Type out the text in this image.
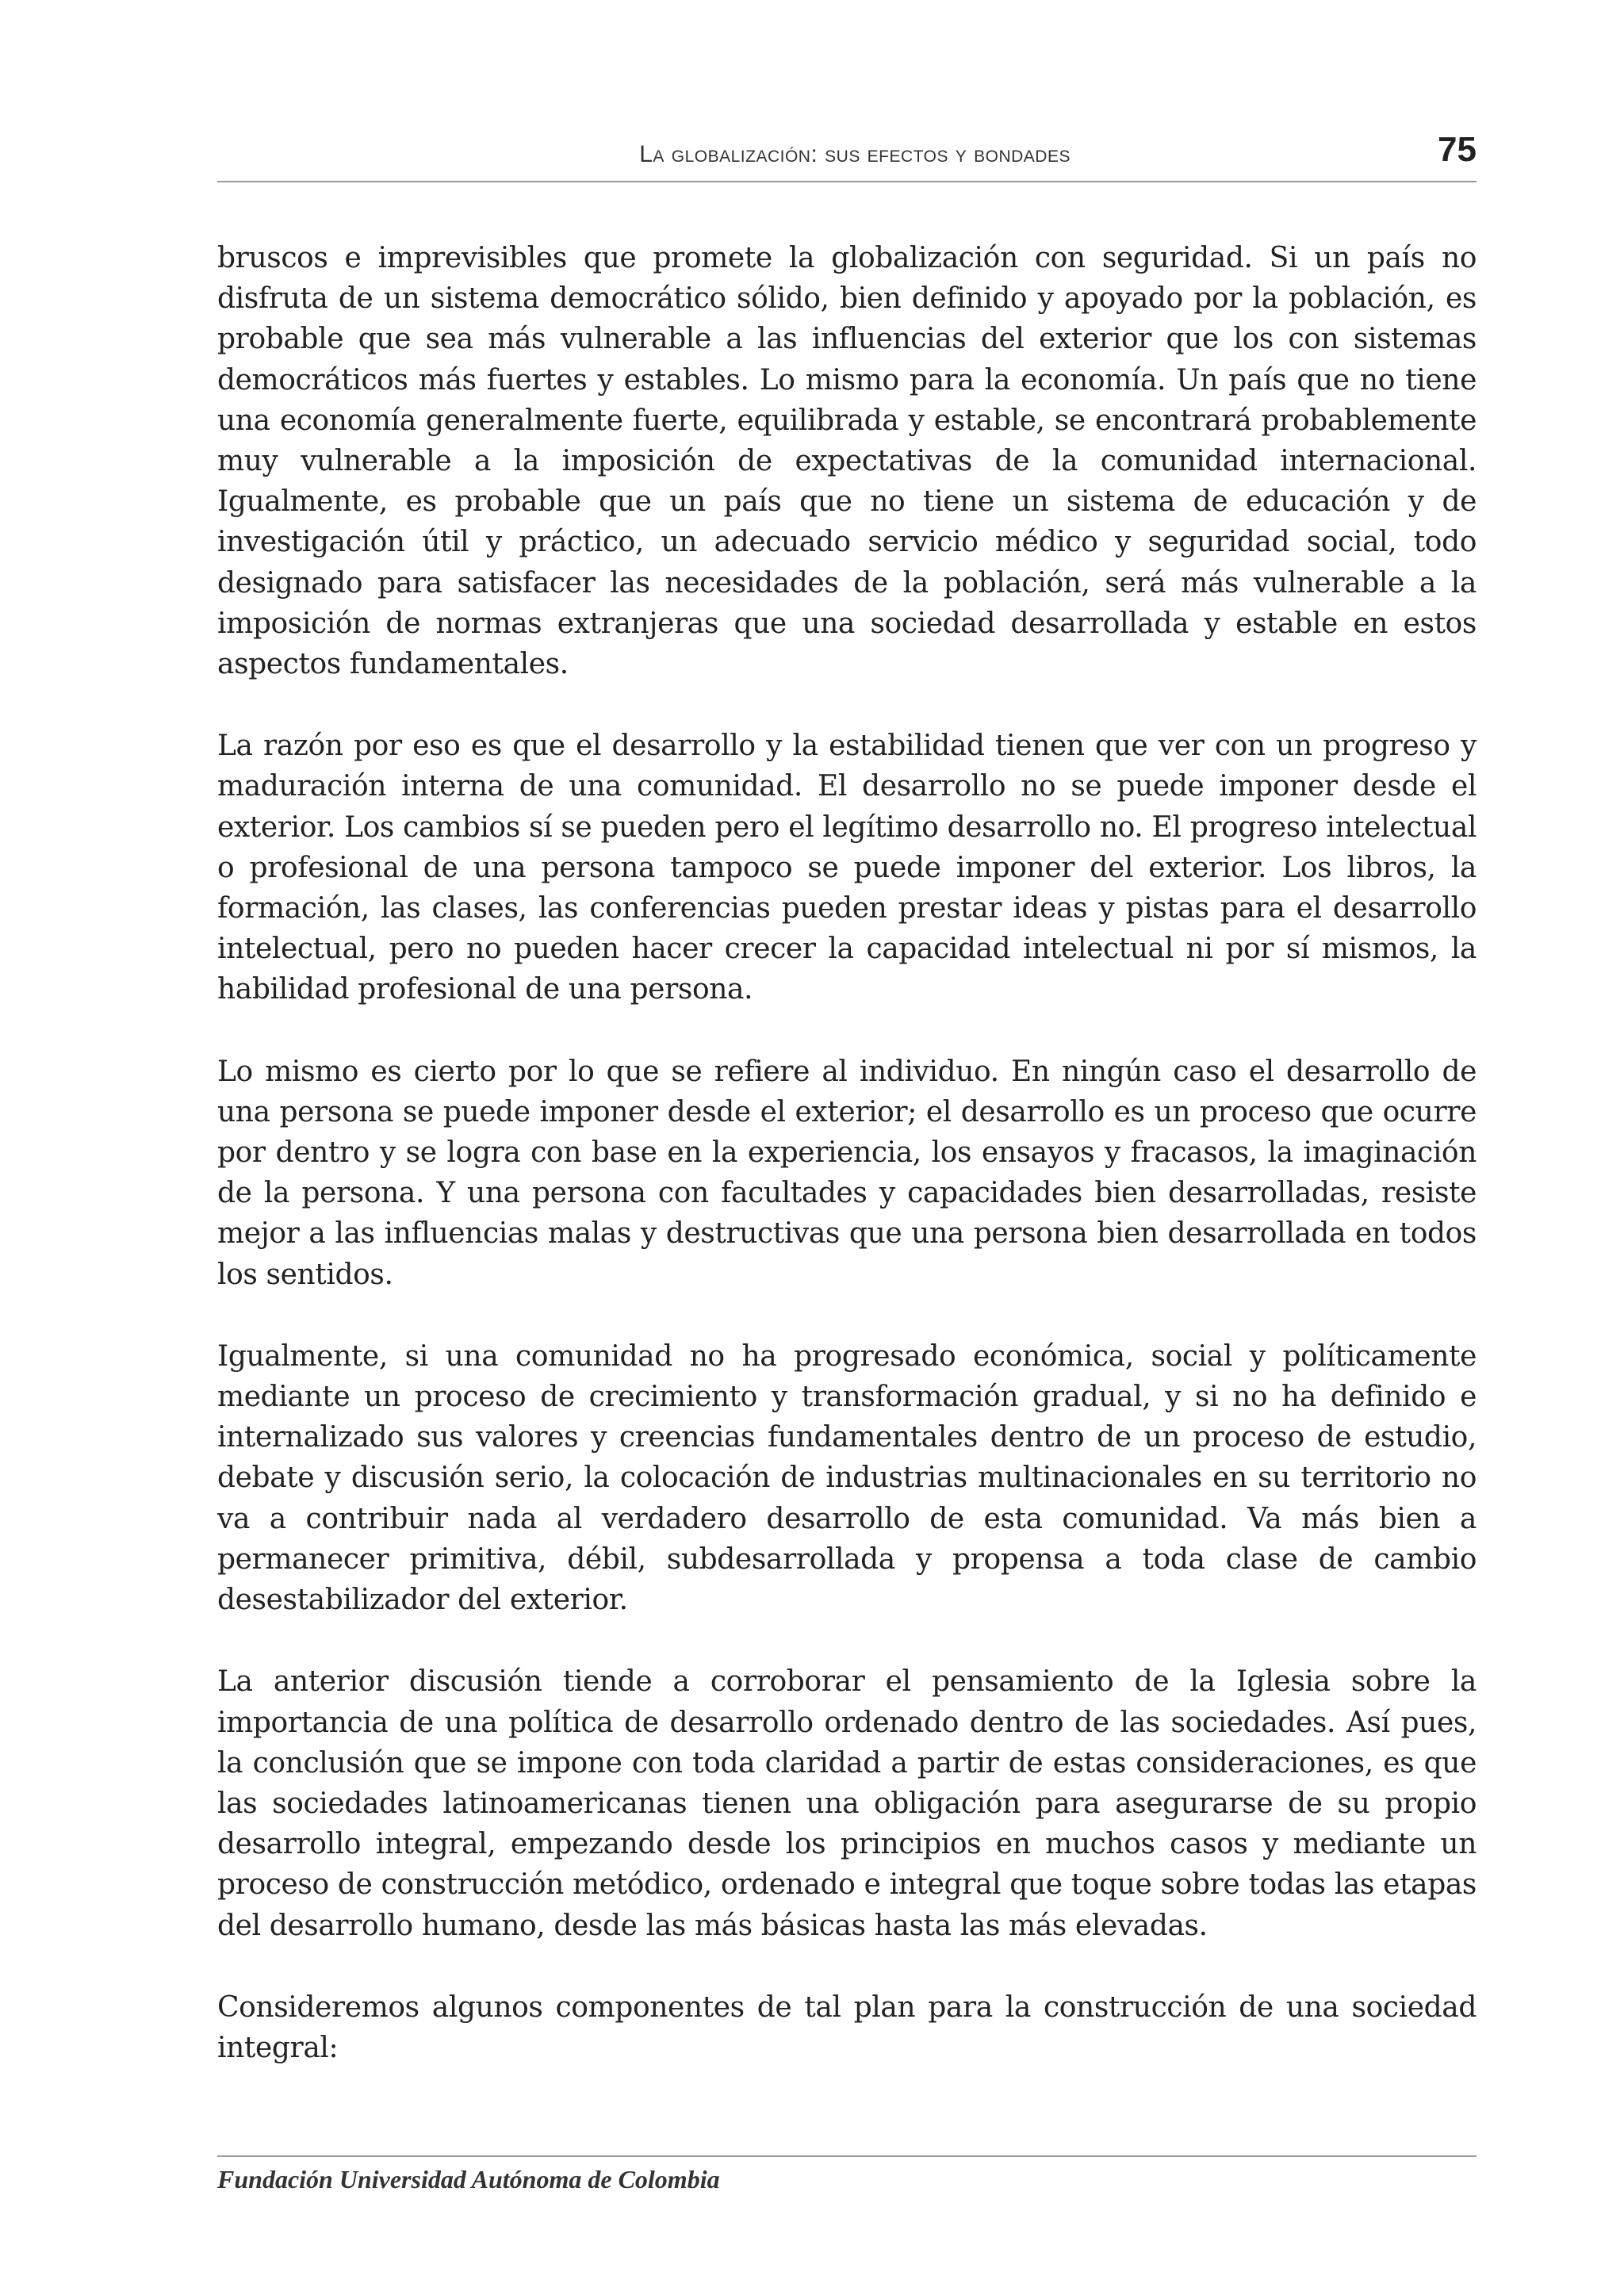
La globalización: sus efectos y bondades	75

bruscos e imprevisibles que promete la globalización con seguridad. Si un país no disfruta de un sistema democrático sólido, bien definido y apoyado por la población, es probable que sea más vulnerable a las influencias del exterior que los con sistemas democráticos más fuertes y estables. Lo mismo para la economía. Un país que no tiene una economía generalmente fuerte, equilibrada y estable, se encontrará probablemente muy vulnerable a la imposición de expectativas de la comunidad internacional. Igualmente, es probable que un país que no tiene un sistema de educación y de investigación útil y práctico, un adecuado servicio médico y seguridad social, todo designado para satisfacer las necesidades de la población, será más vulnerable a la imposición de normas extranjeras que una sociedad desarrollada y estable en estos aspectos fundamentales.

La razón por eso es que el desarrollo y la estabilidad tienen que ver con un progreso y maduración interna de una comunidad. El desarrollo no se puede imponer desde el exterior. Los cambios sí se pueden pero el legítimo desarrollo no. El progreso intelectual o profesional de una persona tampoco se puede imponer del exterior. Los libros, la formación, las clases, las conferencias pueden prestar ideas y pistas para el desarrollo intelectual, pero no pueden hacer crecer la capacidad intelectual ni por sí mismos, la habilidad profesional de una persona.

Lo mismo es cierto por lo que se refiere al individuo. En ningún caso el desarrollo de una persona se puede imponer desde el exterior; el desarrollo es un proceso que ocurre por dentro y se logra con base en la experiencia, los ensayos y fracasos, la imaginación de la persona. Y una persona con facultades y capacidades bien desarrolladas, resiste mejor a las influencias malas y destructivas que una persona bien desarrollada en todos los sentidos.

Igualmente, si una comunidad no ha progresado económica, social y políticamente mediante un proceso de crecimiento y transformación gradual, y si no ha definido e internalizado sus valores y creencias fundamentales dentro de un proceso de estudio, debate y discusión serio, la colocación de industrias multinacionales en su territorio no va a contribuir nada al verdadero desarrollo de esta comunidad. Va más bien a permanecer primitiva, débil, subdesarrollada y propensa a toda clase de cambio desestabilizador del exterior.

La anterior discusión tiende a corroborar el pensamiento de la Iglesia sobre la importancia de una política de desarrollo ordenado dentro de las sociedades. Así pues, la conclusión que se impone con toda claridad a partir de estas consideraciones, es que las sociedades latinoamericanas tienen una obligación para asegurarse de su propio desarrollo integral, empezando desde los principios en muchos casos y mediante un proceso de construcción metódico, ordenado e integral que toque sobre todas las etapas del desarrollo humano, desde las más básicas hasta las más elevadas.

Consideremos algunos componentes de tal plan para la construcción de una sociedad integral:

Fundación Universidad Autónoma de Colombia
